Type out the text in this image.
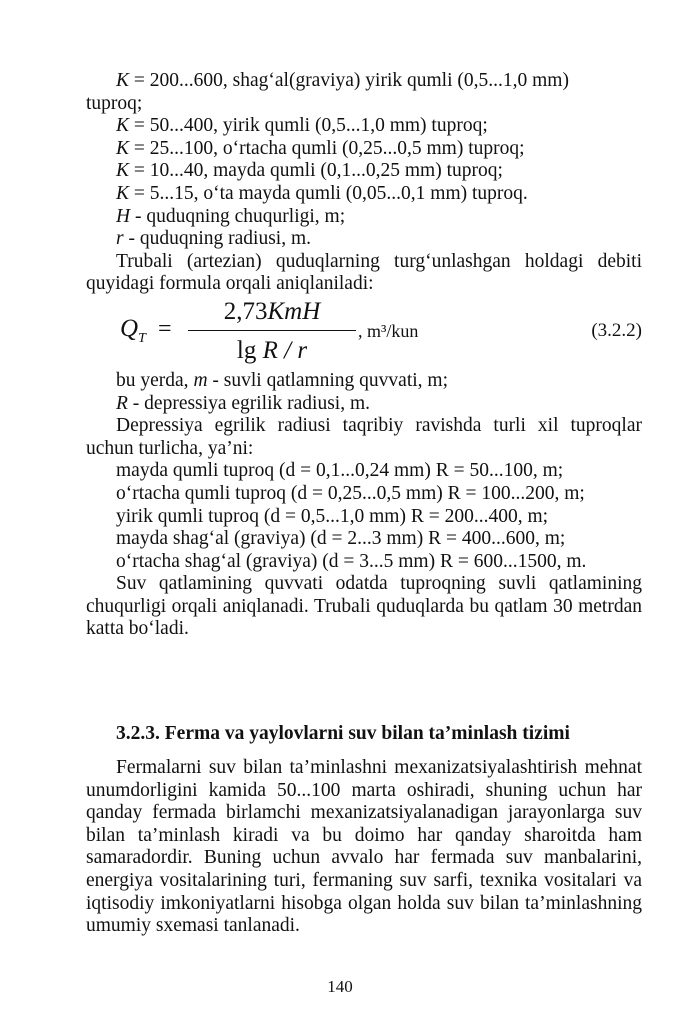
K = 200...600, shag‘al(graviya) yirik qumli (0,5...1,0 mm)
tuproq;
K = 50...400, yirik qumli (0,5...1,0 mm) tuproq;
K = 25...100, o‘rtacha qumli (0,25...0,5 mm) tuproq;
K = 10...40, mayda qumli (0,1...0,25 mm) tuproq;
K = 5...15, o‘ta mayda qumli (0,05...0,1 mm) tuproq.
H - quduqning chuqurligi, m;
r - quduqning radiusi, m.

Trubali (artezian) quduqlarning turg‘unlashgan holdagi debiti quyidagi formula orqali aniqlaniladi:

$Q_T$ =
2,73KmH
lg R / r
, m³/kun	(3.2.2)
bu yerda, m - suvli qatlamning quvvati, m;
R - depressiya egrilik radiusi, m.

Depressiya egrilik radiusi taqribiy ravishda turli xil tuproqlar uchun turlicha, ya’ni:

mayda qumli tuproq (d = 0,1...0,24 mm) R = 50...100, m;
o‘rtacha qumli tuproq (d = 0,25...0,5 mm) R = 100...200, m;
yirik qumli tuproq (d = 0,5...1,0 mm) R = 200...400, m;
mayda shag‘al (graviya) (d = 2...3 mm) R = 400...600, m;
o‘rtacha shag‘al (graviya) (d = 3...5 mm) R = 600...1500, m.

Suv qatlamining quvvati odatda tuproqning suvli qatlamining chuqurligi orqali aniqlanadi. Trubali quduqlarda bu qatlam 30 metrdan katta bo‘ladi.

3.2.3. Ferma va yaylovlarni suv bilan ta’minlash tizimi

Fermalarni suv bilan ta’minlashni mexanizatsiyalashtirish mehnat unumdorligini kamida 50...100 marta oshiradi, shuning uchun har qanday fermada birlamchi mexanizatsiyalanadigan jarayonlarga suv bilan ta’minlash kiradi va bu doimo har qanday sharoitda ham samaradordir. Buning uchun avvalo har fermada suv manbalarini, energiya vositalarining turi, fermaning suv sarfi, texnika vositalari va iqtisodiy imkoniyatlarni hisobga olgan holda suv bilan ta’minlashning umumiy sxemasi tanlanadi.

140
